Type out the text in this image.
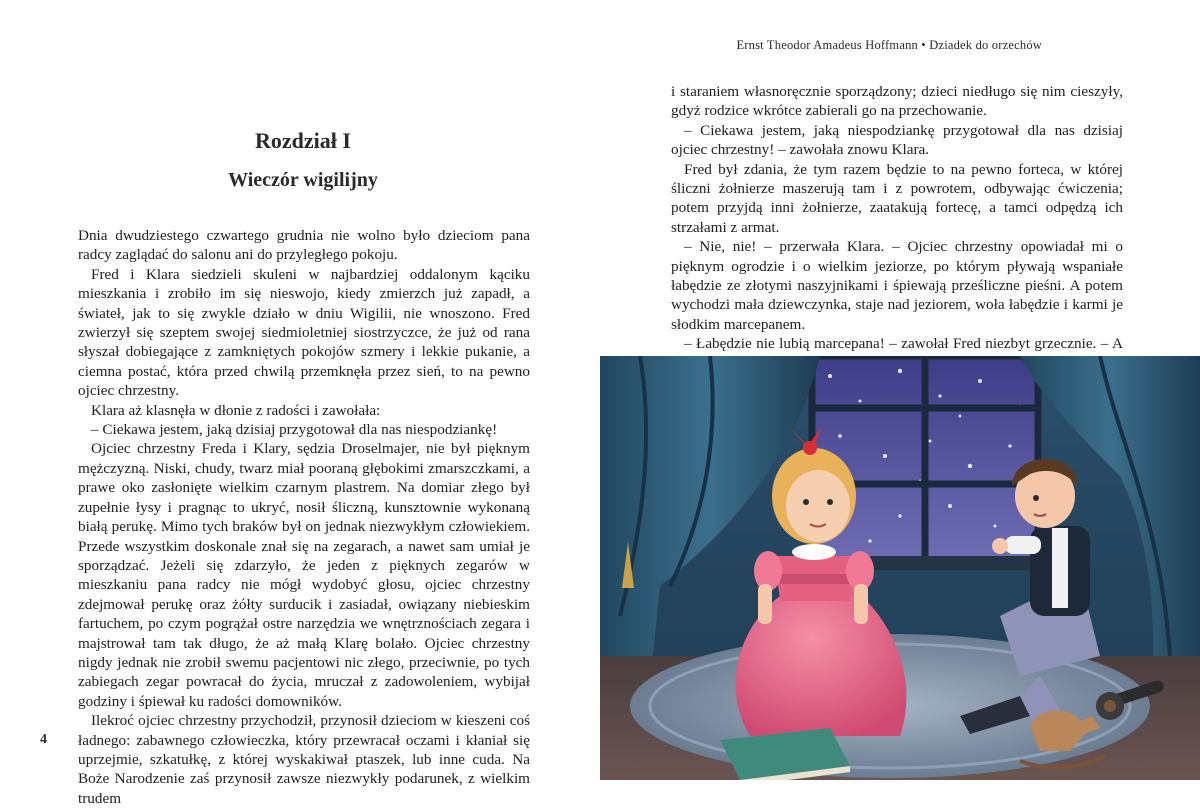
Rozdział I
Wieczór wigilijny

Dnia dwudziestego czwartego grudnia nie wolno było dzieciom pana radcy zaglądać do salonu ani do przyległego pokoju.

Fred i Klara siedzieli skuleni w najbardziej oddalonym kąciku mieszkania i zrobiło im się nieswojo, kiedy zmierzch już zapadł, a świateł, jak to się zwykle działo w dniu Wigilii, nie wnoszono. Fred zwierzył się szeptem swojej siedmioletniej siostrzyczce, że już od rana słyszał dobiegające z zamkniętych pokojów szmery i lekkie pukanie, a ciemna postać, która przed chwilą przemknęła przez sień, to na pewno ojciec chrzestny.

Klara aż klasnęła w dłonie z radości i zawołała:

– Ciekawa jestem, jaką dzisiaj przygotował dla nas niespodziankę!

Ojciec chrzestny Freda i Klary, sędzia Droselmajer, nie był pięknym mężczyzną. Niski, chudy, twarz miał pooraną głębokimi zmarszczkami, a prawe oko zasłonięte wielkim czarnym plastrem. Na domiar złego był zupełnie łysy i pragnąc to ukryć, nosił śliczną, kunsztownie wykonaną białą perukę. Mimo tych braków był on jednak niezwykłym człowiekiem. Przede wszystkim doskonale znał się na zegarach, a nawet sam umiał je sporządzać. Jeżeli się zdarzyło, że jeden z pięknych zegarów w mieszkaniu pana radcy nie mógł wydobyć głosu, ojciec chrzestny zdejmował perukę oraz żółty surducik i zasiadał, owiązany niebieskim fartuchem, po czym pogrążał ostre narzędzia we wnętrznościach zegara i majstrował tam tak długo, że aż małą Klarę bolało. Ojciec chrzestny nigdy jednak nie zrobił swemu pacjentowi nic złego, przeciwnie, po tych zabiegach zegar powracał do życia, mruczał z zadowoleniem, wybijał godziny i śpiewał ku radości domowników.

Ilekroć ojciec chrzestny przychodził, przynosił dzieciom w kieszeni coś ładnego: zabawnego człowieczka, który przewracał oczami i kłaniał się uprzejmie, szkatułkę, z której wyskakiwał ptaszek, lub inne cuda. Na Boże Narodzenie zaś przynosił zawsze niezwykły podarunek, z wielkim trudem

4
Ernst Theodor Amadeus Hoffmann • Dziadek do orzechów

i staraniem własnoręcznie sporządzony; dzieci niedługo się nim cieszyły, gdyż rodzice wkrótce zabierali go na przechowanie.

– Ciekawa jestem, jaką niespodziankę przygotował dla nas dzisiaj ojciec chrzestny! – zawołała znowu Klara.

Fred był zdania, że tym razem będzie to na pewno forteca, w której śliczni żołnierze maszerują tam i z powrotem, odbywając ćwiczenia; potem przyjdą inni żołnierze, zaatakują fortecę, a tamci odpędzą ich strzałami z armat.

– Nie, nie! – przerwała Klara. – Ojciec chrzestny opowiadał mi o pięknym ogrodzie i o wielkim jeziorze, po którym pływają wspaniałe łabędzie ze złotymi naszyjnikami i śpiewają prześliczne pieśni. A potem wychodzi mała dziewczynka, staje nad jeziorem, woła łabędzie i karmi je słodkim marcepanem.

– Łabędzie nie lubią marcepana! – zawołał Fred niezbyt grzecznie. – A
